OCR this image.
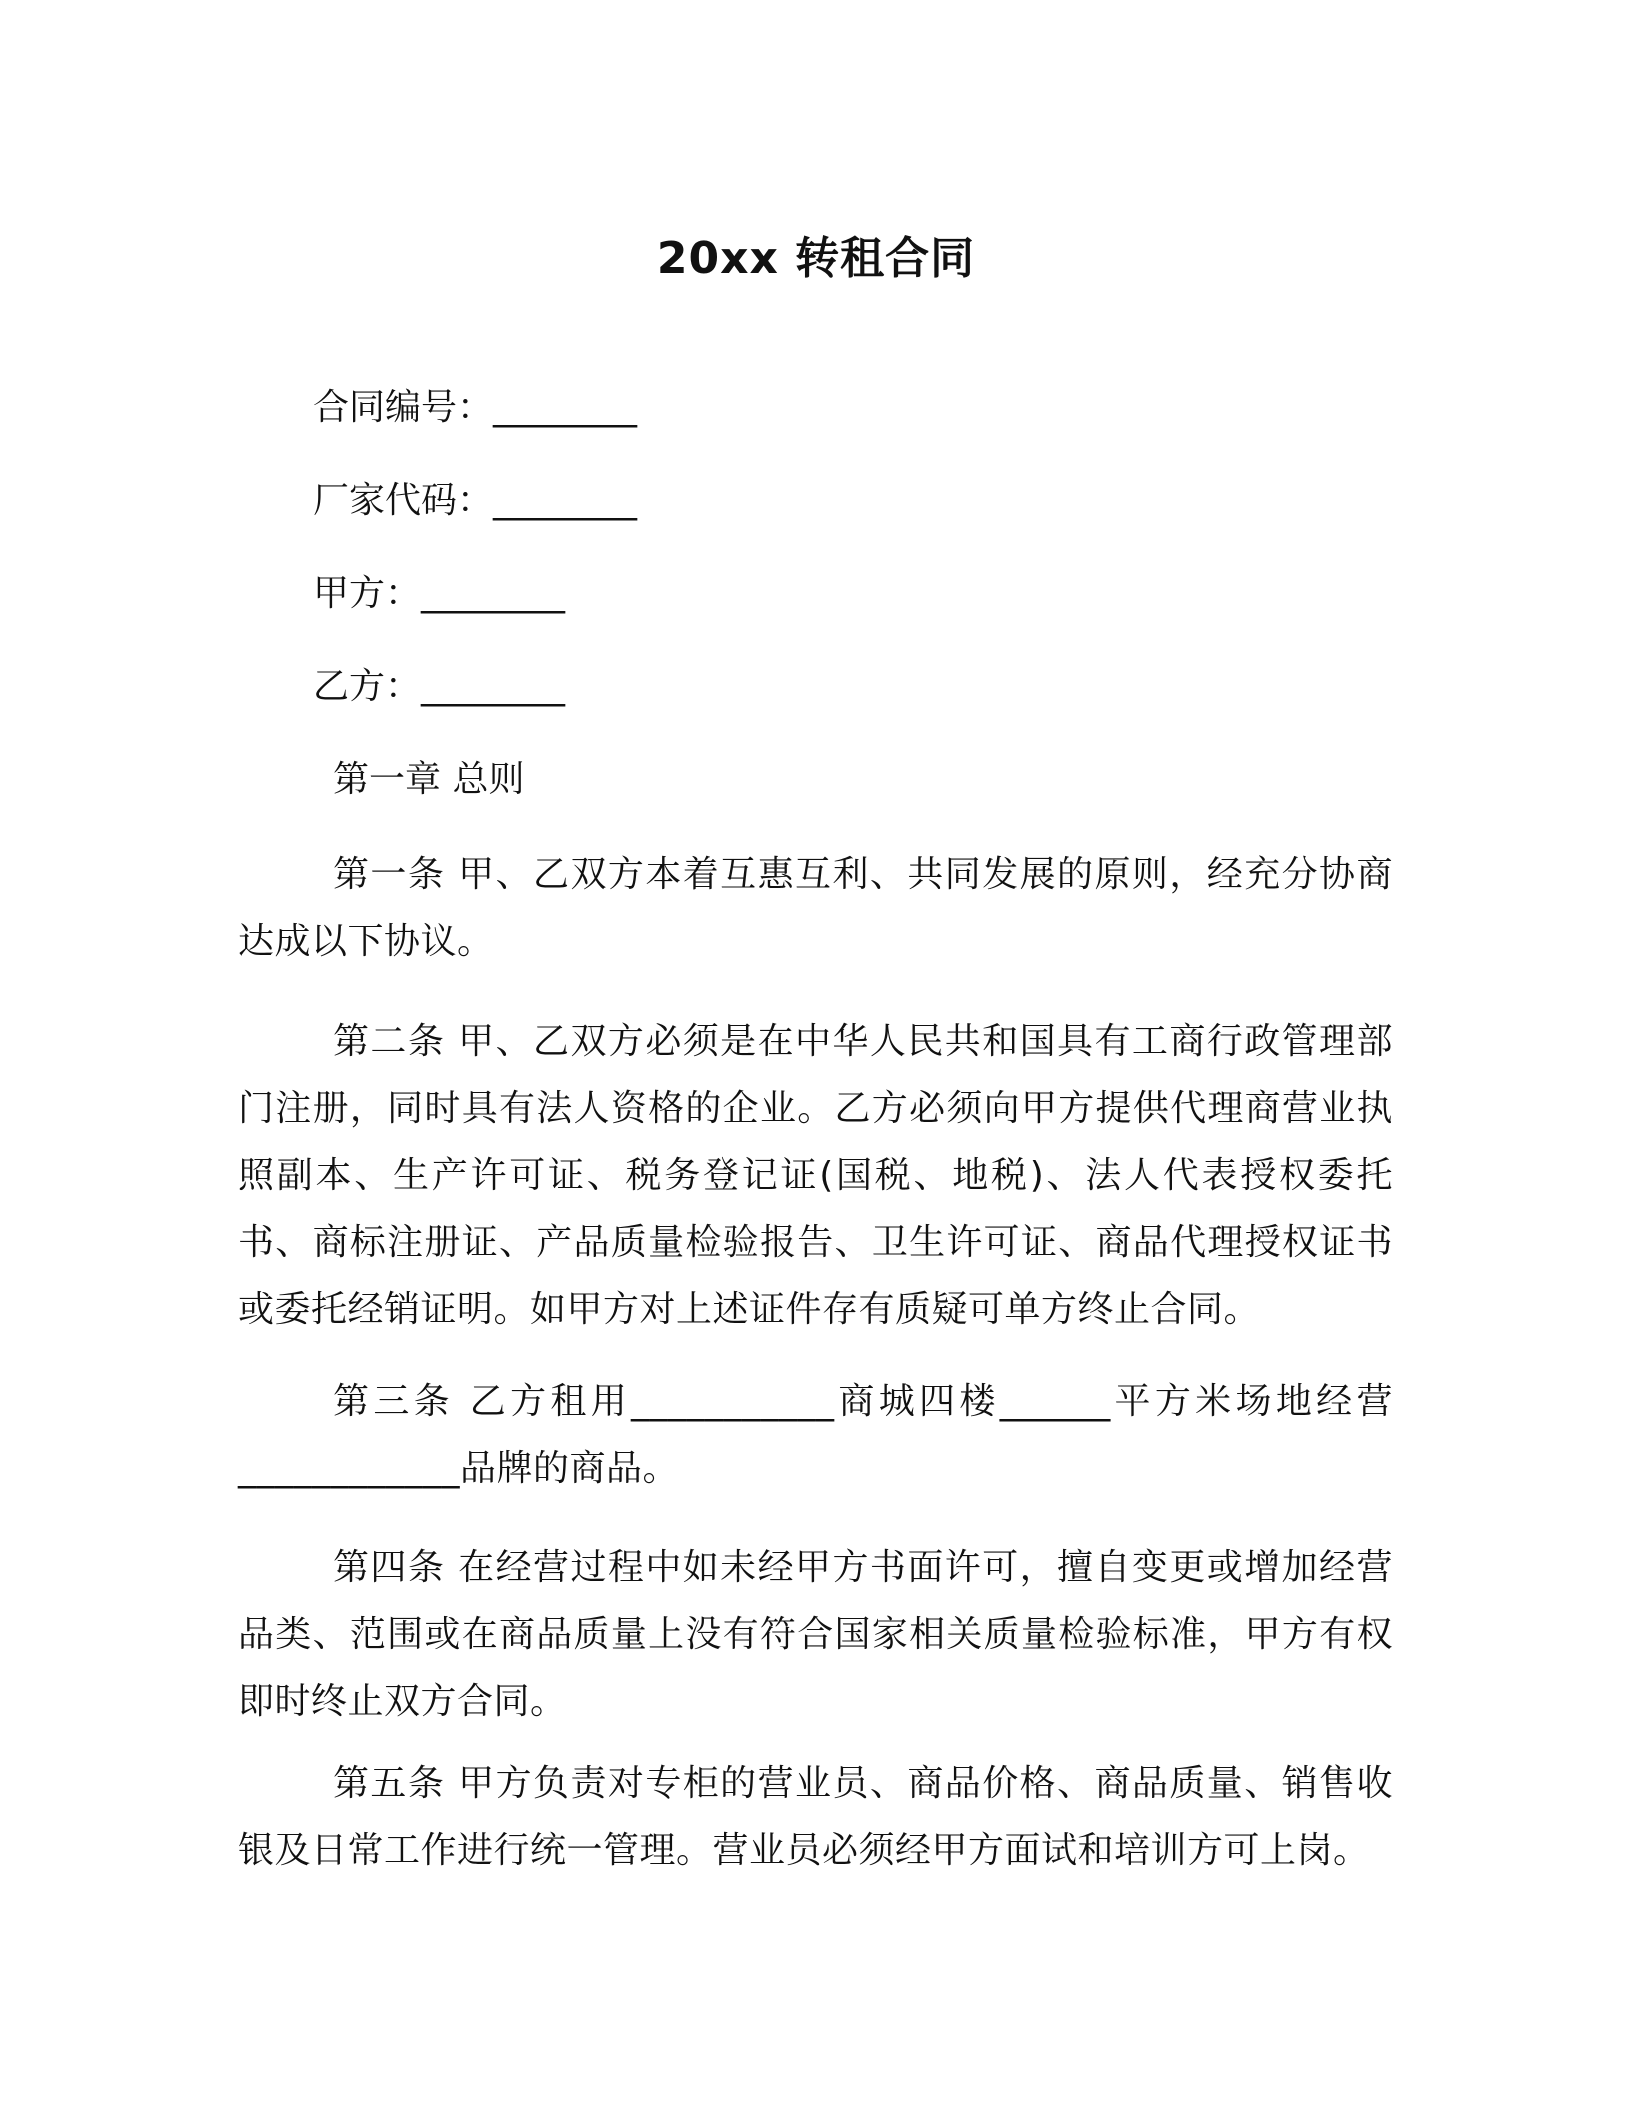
20xx 转租合同
合同编号：________
厂家代码：________
甲方：________
乙方：________
第一章 总则
第一条 甲、乙双方本着互惠互利、共同发展的原则，经充分协商达成以下协议。
第二条 甲、乙双方必须是在中华人民共和国具有工商行政管理部门注册，同时具有法人资格的企业。乙方必须向甲方提供代理商营业执照副本、生产许可证、税务登记证(国税、地税)、法人代表授权委托书、商标注册证、产品质量检验报告、卫生许可证、商品代理授权证书或委托经销证明。如甲方对上述证件存有质疑可单方终止合同。
第三条 乙方租用___________商城四楼______平方米场地经营____________品牌的商品。
第四条 在经营过程中如未经甲方书面许可，擅自变更或增加经营品类、范围或在商品质量上没有符合国家相关质量检验标准，甲方有权即时终止双方合同。
第五条 甲方负责对专柜的营业员、商品价格、商品质量、销售收银及日常工作进行统一管理。营业员必须经甲方面试和培训方可上岗。
